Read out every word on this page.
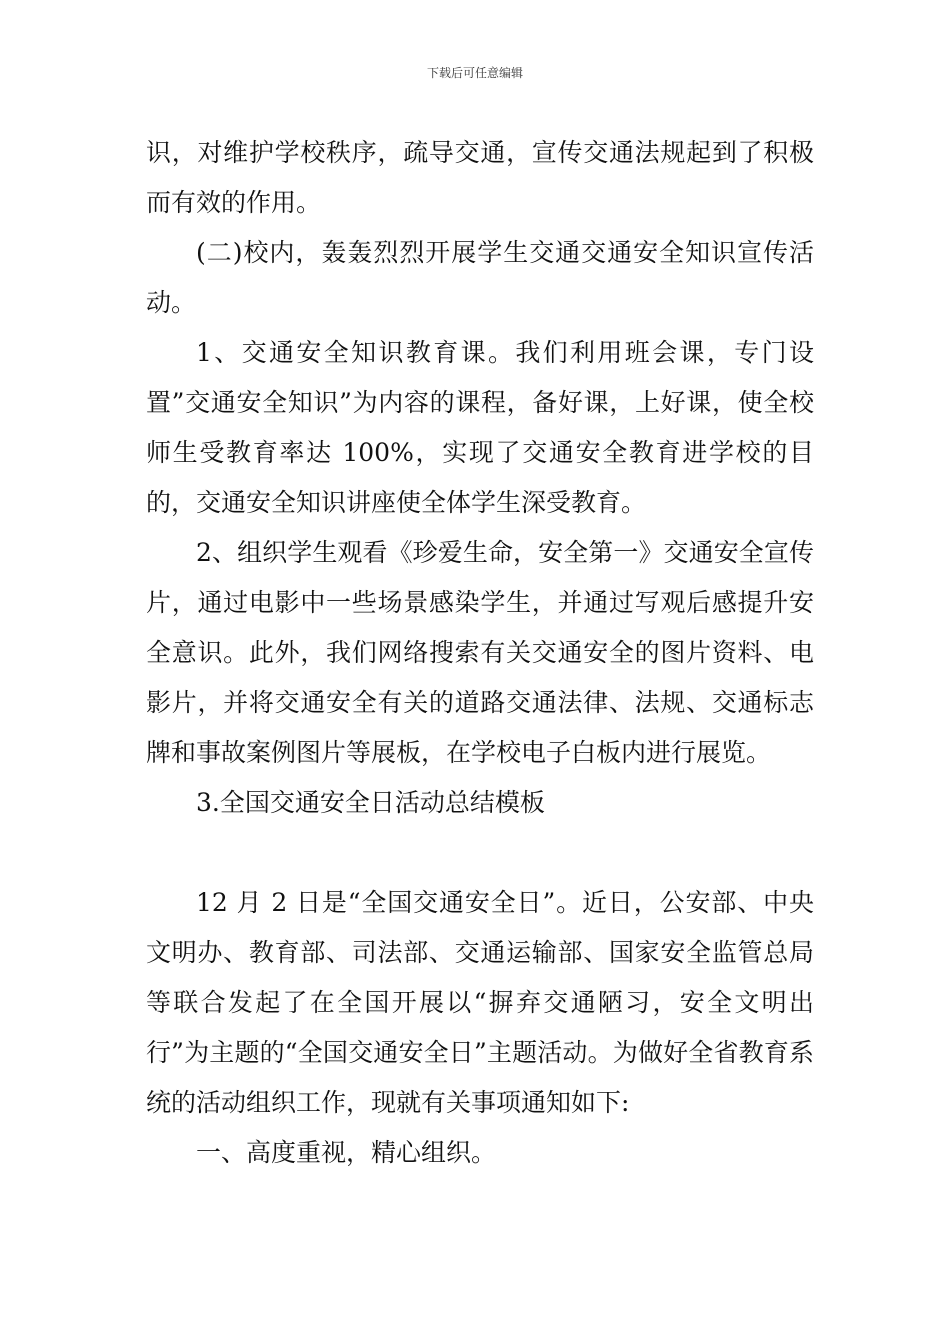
下载后可任意编辑

识，对维护学校秩序，疏导交通，宣传交通法规起到了积极而有效的作用。

(二)校内，轰轰烈烈开展学生交通交通安全知识宣传活动。

1、交通安全知识教育课。我们利用班会课，专门设置”交通安全知识”为内容的课程，备好课，上好课，使全校师生受教育率达 100%，实现了交通安全教育进学校的目的，交通安全知识讲座使全体学生深受教育。

2、组织学生观看《珍爱生命，安全第一》交通安全宣传片，通过电影中一些场景感染学生，并通过写观后感提升安全意识。此外，我们网络搜索有关交通安全的图片资料、电影片，并将交通安全有关的道路交通法律、法规、交通标志牌和事故案例图片等展板，在学校电子白板内进行展览。

3.全国交通安全日活动总结模板

12 月 2 日是“全国交通安全日”。近日，公安部、中央文明办、教育部、司法部、交通运输部、国家安全监管总局等联合发起了在全国开展以“摒弃交通陋习，安全文明出行”为主题的“全国交通安全日”主题活动。为做好全省教育系统的活动组织工作，现就有关事项通知如下:

一、高度重视，精心组织。
